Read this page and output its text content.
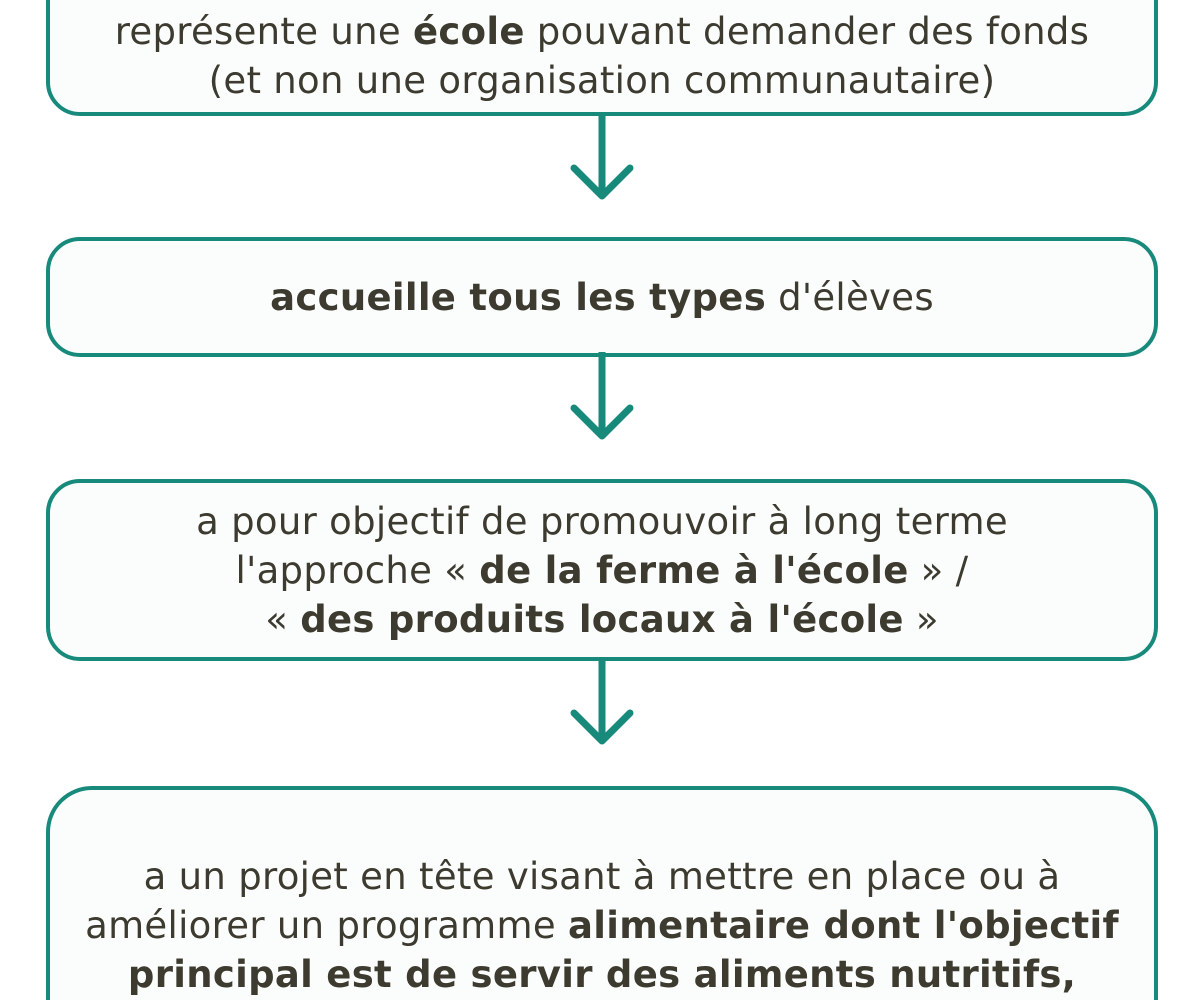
représente une école pouvant demander des fonds
(et non une organisation communautaire)
accueille tous les types d'élèves
a pour objectif de promouvoir à long terme
l'approche « de la ferme à l'école » /
« des produits locaux à l'école »
a un projet en tête visant à mettre en place ou à
améliorer un programme alimentaire dont l'objectif
principal est de servir des aliments nutritifs,
